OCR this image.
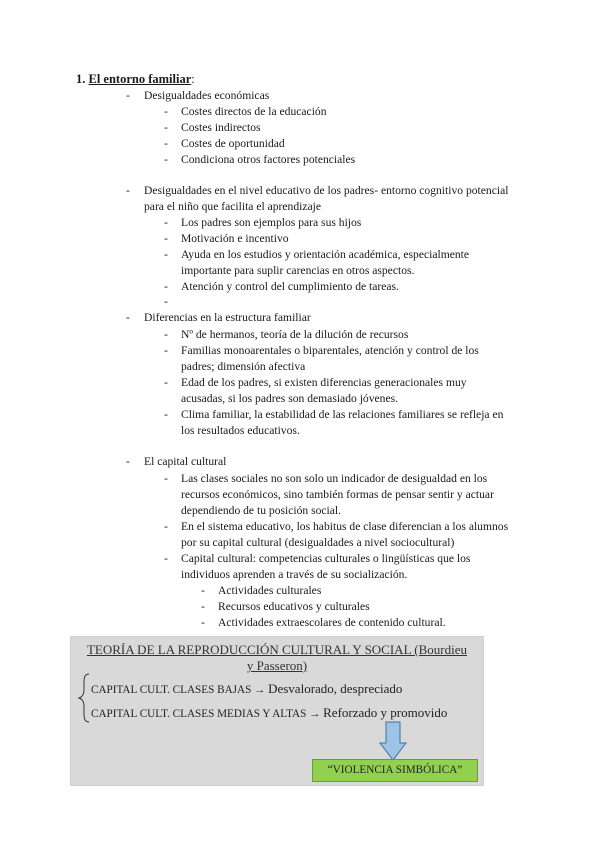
1. El entorno familiar:
- Desigualdades económicas
- Costes directos de la educación
- Costes indirectos
- Costes de oportunidad
- Condiciona otros factores potenciales
- Desigualdades en el nivel educativo de los padres- entorno cognitivo potencial
para el niño que facilita el aprendizaje
- Los padres son ejemplos para sus hijos
- Motivación e incentivo
- Ayuda en los estudios y orientación académica, especialmente
importante para suplir carencias en otros aspectos.
- Atención y control del cumplimiento de tareas.
-
- Diferencias en la estructura familiar
- Nº de hermanos, teoría de la dilución de recursos
- Familias monoarentales o biparentales, atención y control de los
padres; dimensión afectiva
- Edad de los padres, si existen diferencias generacionales muy
acusadas, si los padres son demasiado jóvenes.
- Clima familiar, la estabilidad de las relaciones familiares se refleja en
los resultados educativos.
- El capital cultural
- Las clases sociales no son solo un indicador de desigualdad en los
recursos económicos, sino también formas de pensar sentir y actuar
dependiendo de tu posición social.
- En el sistema educativo, los habitus de clase diferencian a los alumnos
por su capital cultural (desigualdades a nivel sociocultural)
- Capital cultural: competencias culturales o lingüísticas que los
individuos aprenden a través de su socialización.
- Actividades culturales
- Recursos educativos y culturales
- Actividades extraescolares de contenido cultural.
TEORÍA DE LA REPRODUCCIÓN CULTURAL Y SOCIAL (Bourdieu
y Passeron)
CAPITAL CULT. CLASES BAJAS → Desvalorado, despreciado
CAPITAL CULT. CLASES MEDIAS Y ALTAS → Reforzado y promovido
“VIOLENCIA SIMBÓLICA”
